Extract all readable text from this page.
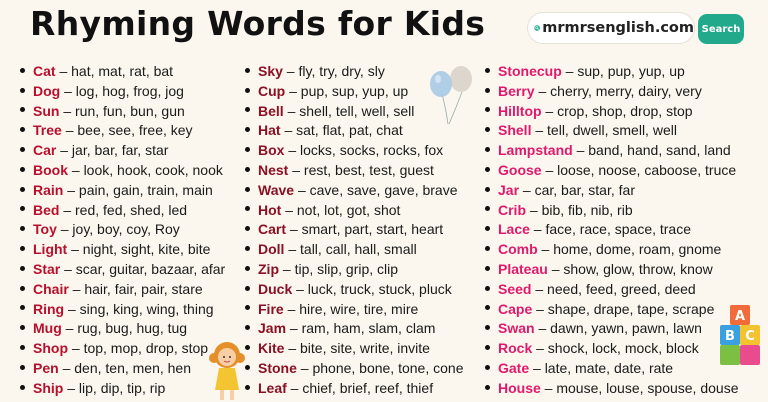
Rhyming Words for Kids	mrmrsenglish.com Search
Cat – hat, mat, rat, bat
Dog – log, hog, frog, jog
Sun – run, fun, bun, gun
Tree – bee, see, free, key
Car – jar, bar, far, star
Book – look, hook, cook, nook
Rain – pain, gain, train, main
Bed – red, fed, shed, led
Toy – joy, boy, coy, Roy
Light – night, sight, kite, bite
Star – scar, guitar, bazaar, afar
Chair – hair, fair, pair, stare
Ring – sing, king, wing, thing
Mug – rug, bug, hug, tug
Shop – top, mop, drop, stop
Pen – den, ten, men, hen
Ship – lip, dip, tip, rip
Sky – fly, try, dry, sly
Cup – pup, sup, yup, up
Bell – shell, tell, well, sell
Hat – sat, flat, pat, chat
Box – locks, socks, rocks, fox
Nest – rest, best, test, guest
Wave – cave, save, gave, brave
Hot – not, lot, got, shot
Cart – smart, part, start, heart
Doll – tall, call, hall, small
Zip – tip, slip, grip, clip
Duck – luck, truck, stuck, pluck
Fire – hire, wire, tire, mire
Jam – ram, ham, slam, clam
Kite – bite, site, write, invite
Stone – phone, bone, tone, cone
Leaf – chief, brief, reef, thief
Stonecup – sup, pup, yup, up
Berry – cherry, merry, dairy, very
Hilltop – crop, shop, drop, stop
Shell – tell, dwell, smell, well
Lampstand – band, hand, sand, land
Goose – loose, noose, caboose, truce
Jar – car, bar, star, far
Crib – bib, fib, nib, rib
Lace – face, race, space, trace
Comb – home, dome, roam, gnome
Plateau – show, glow, throw, know
Seed – need, feed, greed, deed
Cape – shape, drape, tape, scrape
Swan – dawn, yawn, pawn, lawn
Rock – shock, lock, mock, block
Gate – late, mate, date, rate
House – mouse, louse, spouse, douse
A
B C
